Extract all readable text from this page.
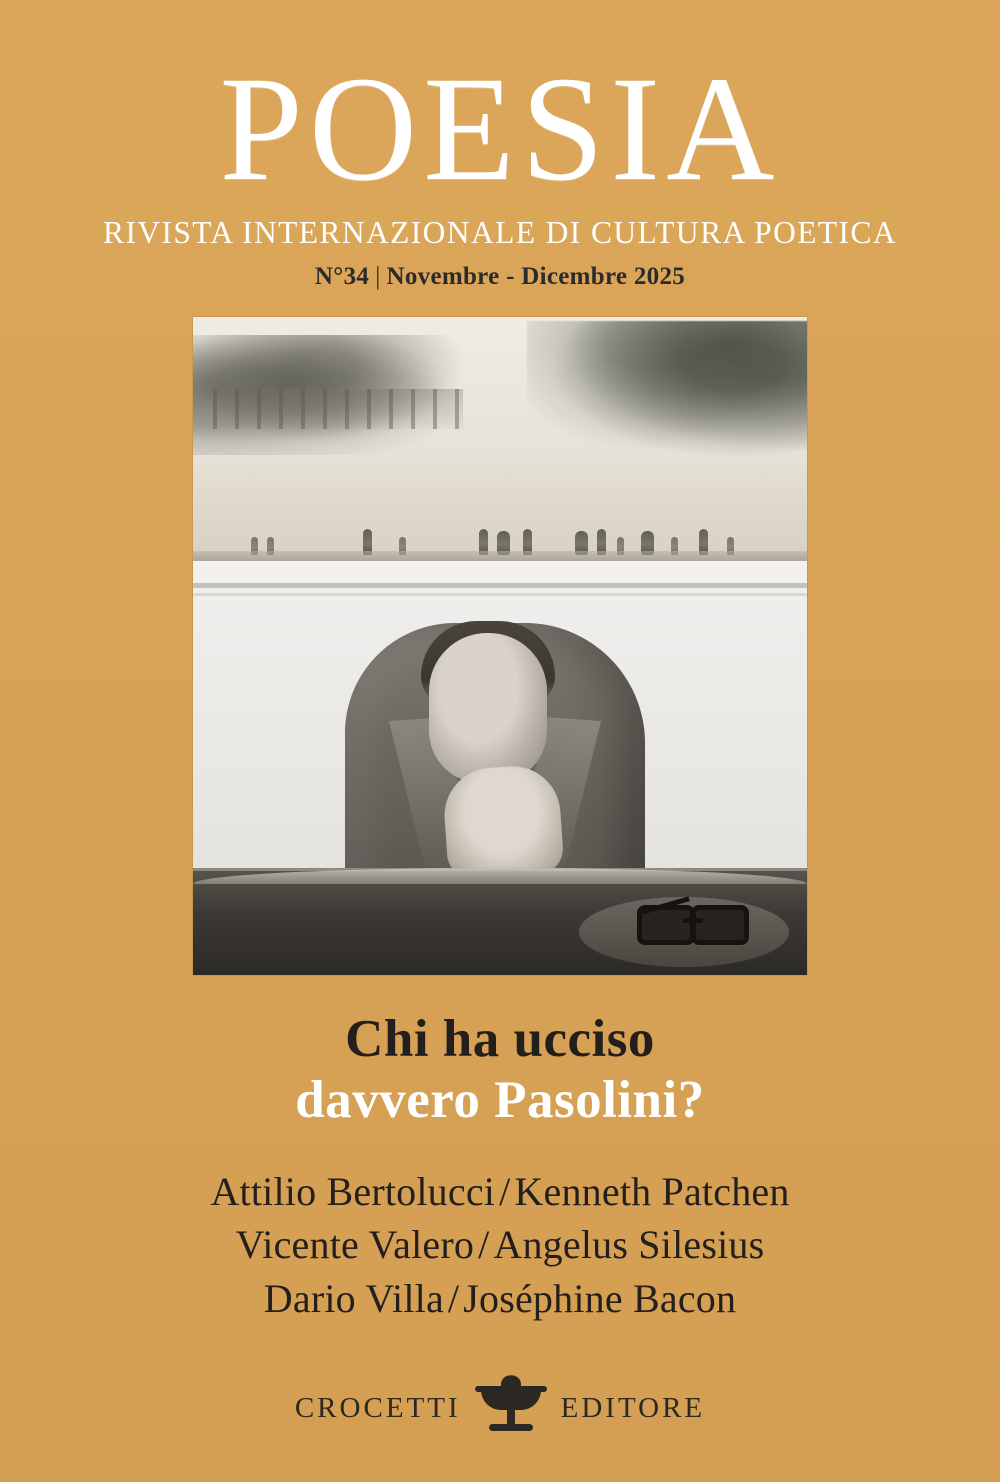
POESIA
RIVISTA INTERNAZIONALE DI CULTURA POETICA
N°34 | Novembre - Dicembre 2025
Chi ha ucciso
davvero Pasolini?
Attilio Bertolucci / Kenneth Patchen
Vicente Valero / Angelus Silesius
Dario Villa / Joséphine Bacon
CROCETTI	EDITORE
